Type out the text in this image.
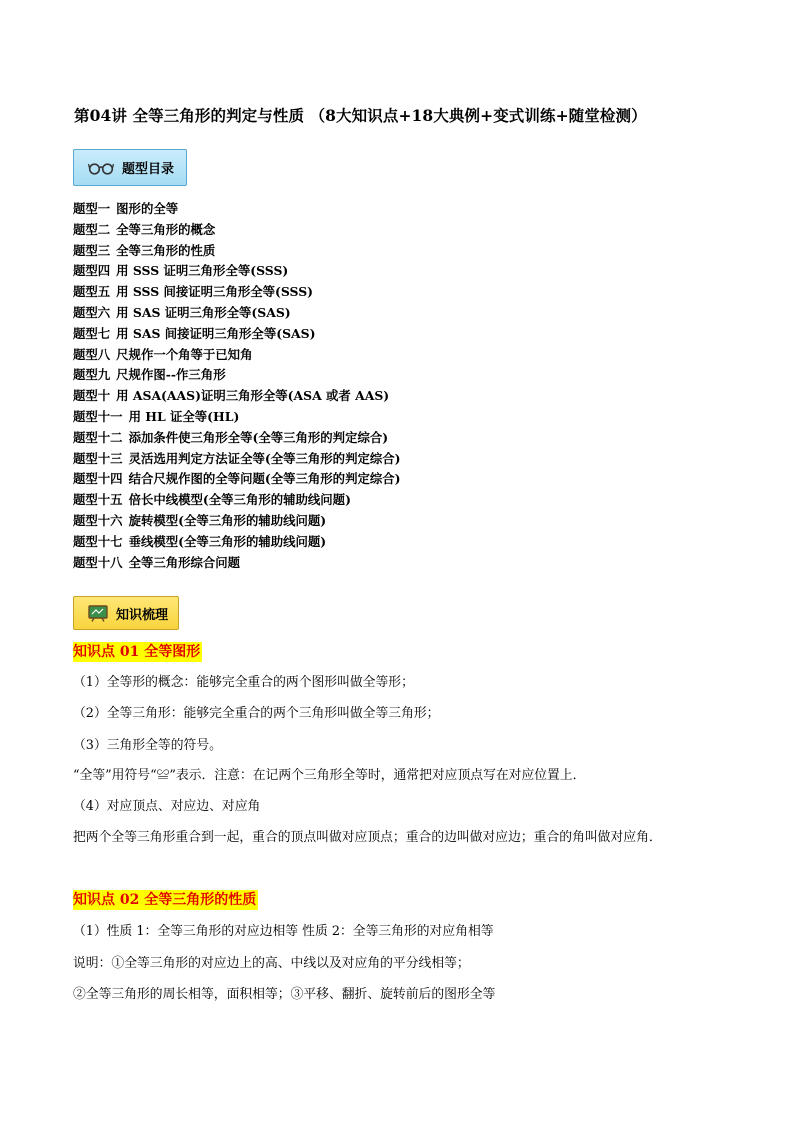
第04讲 全等三角形的判定与性质 （8大知识点+18大典例+变式训练+随堂检测）
题型目录
题型一 图形的全等
题型二 全等三角形的概念
题型三 全等三角形的性质
题型四 用 SSS 证明三角形全等(SSS)
题型五 用 SSS 间接证明三角形全等(SSS)
题型六 用 SAS 证明三角形全等(SAS)
题型七 用 SAS 间接证明三角形全等(SAS)
题型八 尺规作一个角等于已知角
题型九 尺规作图--作三角形
题型十 用 ASA(AAS)证明三角形全等(ASA 或者 AAS)
题型十一 用 HL 证全等(HL)
题型十二 添加条件使三角形全等(全等三角形的判定综合)
题型十三 灵活选用判定方法证全等(全等三角形的判定综合)
题型十四 结合尺规作图的全等问题(全等三角形的判定综合)
题型十五 倍长中线模型(全等三角形的辅助线问题)
题型十六 旋转模型(全等三角形的辅助线问题)
题型十七 垂线模型(全等三角形的辅助线问题)
题型十八 全等三角形综合问题
知识梳理
知识点 01 全等图形
（1）全等形的概念：能够完全重合的两个图形叫做全等形；
（2）全等三角形：能够完全重合的两个三角形叫做全等三角形；
（3）三角形全等的符号。
“全等”用符号“≌”表示．注意：在记两个三角形全等时，通常把对应顶点写在对应位置上．
（4）对应顶点、对应边、对应角
把两个全等三角形重合到一起，重合的顶点叫做对应顶点；重合的边叫做对应边；重合的角叫做对应角．
知识点 02 全等三角形的性质
（1）性质 1：全等三角形的对应边相等 性质 2：全等三角形的对应角相等
说明：①全等三角形的对应边上的高、中线以及对应角的平分线相等；
②全等三角形的周长相等，面积相等；③平移、翻折、旋转前后的图形全等
